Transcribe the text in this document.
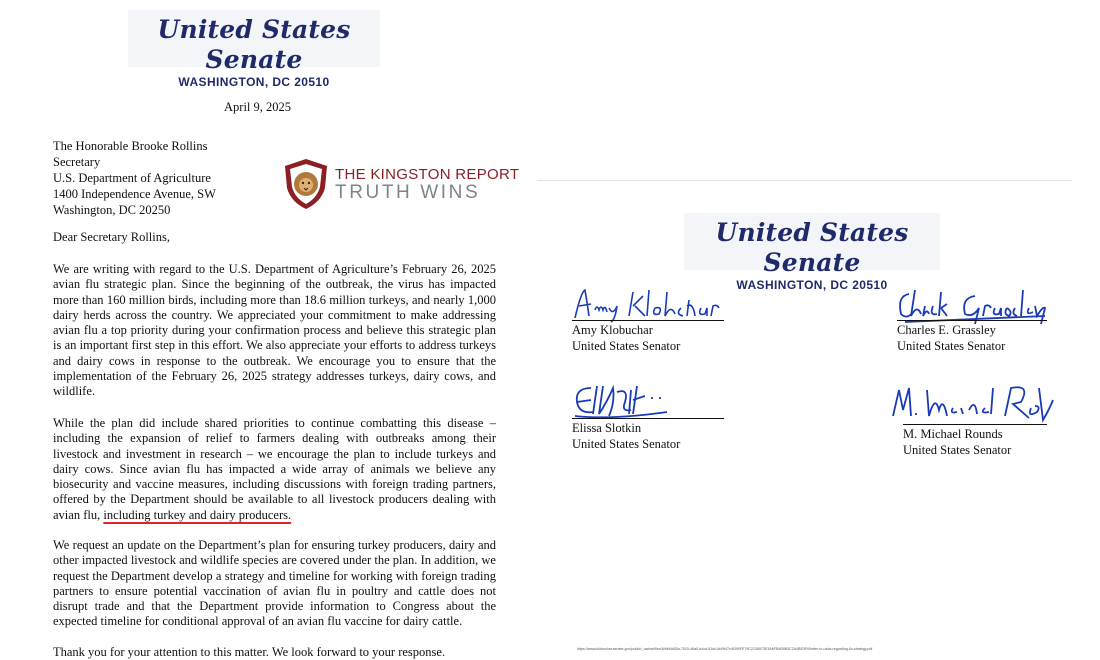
United States Senate
WASHINGTON, DC 20510
April 9, 2025
The Honorable Brooke Rollins
Secretary
U.S. Department of Agriculture
1400 Independence Avenue, SW
Washington, DC 20250
THE KINGSTON REPORT
TRUTH WINS
Dear Secretary Rollins,

We are writing with regard to the U.S. Department of Agriculture’s February 26, 2025 avian flu strategic plan. Since the beginning of the outbreak, the virus has impacted more than 160 million birds, including more than 18.6 million turkeys, and nearly 1,000 dairy herds across the country. We appreciated your commitment to make addressing avian flu a top priority during your confirmation process and believe this strategic plan is an important first step in this effort. We also appreciate your efforts to address turkeys and dairy cows in response to the outbreak. We encourage you to ensure that the implementation of the February 26, 2025 strategy addresses turkeys, dairy cows, and wildlife.

While the plan did include shared priorities to continue combatting this disease – including the expansion of relief to farmers dealing with outbreaks among their livestock and investment in research – we encourage the plan to include turkeys and dairy cows. Since avian flu has impacted a wide array of animals we believe any biosecurity and vaccine measures, including discussions with foreign trading partners, offered by the Department should be available to all livestock producers dealing with avian flu, including turkey and dairy producers.

We request an update on the Department’s plan for ensuring turkey producers, dairy and other impacted livestock and wildlife species are covered under the plan. In addition, we request the Department develop a strategy and timeline for working with foreign trading partners to ensure potential vaccination of avian flu in poultry and cattle does not disrupt trade and that the Department provide information to Congress about the expected timeline for conditional approval of an avian flu vaccine for dairy cattle.

Thank you for your attention to this matter. We look forward to your response.

United States Senate
WASHINGTON, DC 20510
Amy Klobuchar
United States Senator
Charles E. Grassley
United States Senator
Elissa Slotkin
United States Senator
M. Michael Rounds
United States Senator
https://www.klobuchar.senate.gov/public/_cache/files/6/b6f4d52a-7015-46a0-b4cd-51dc1d49f47c/6390FE79C2138973E3A6FB4B9B3C2A4BE3F6/letter-to-usda-regarding-flu-strategy.pdf
